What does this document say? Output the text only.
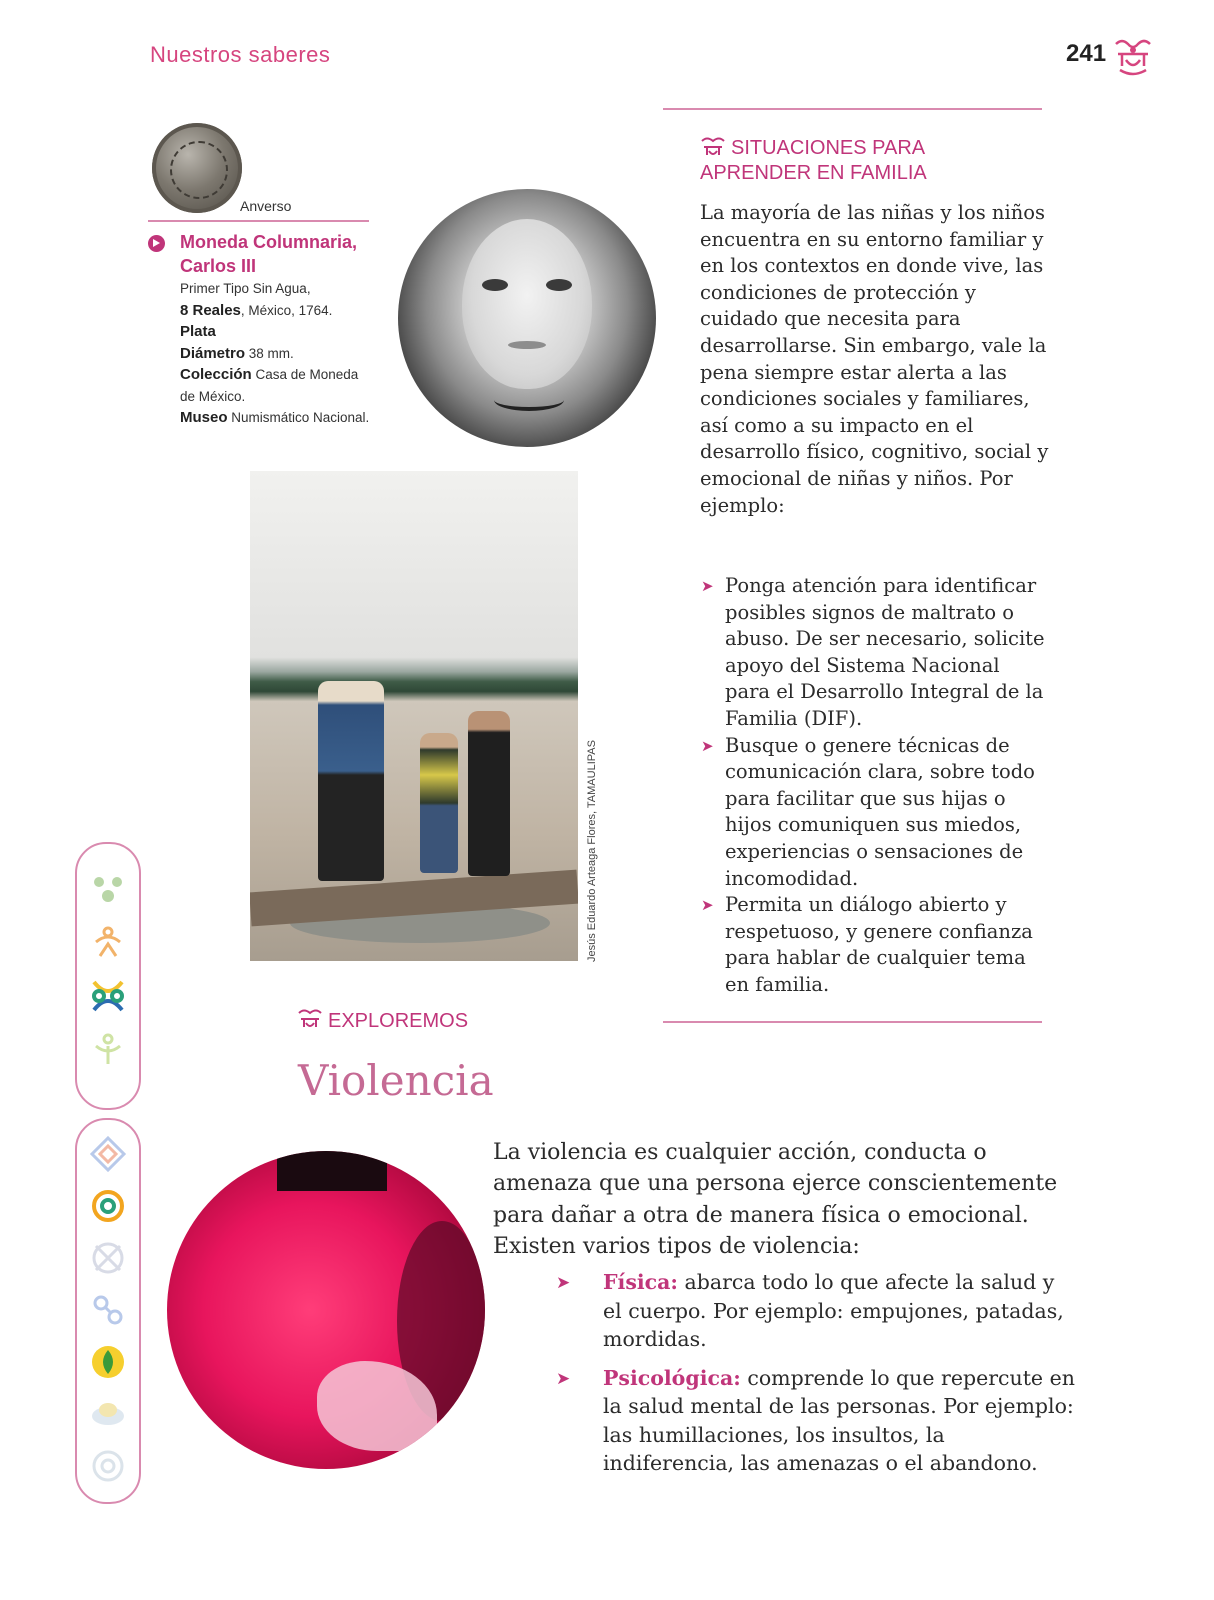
Nuestros saberes	241
Anverso
Moneda Columnaria, Carlos III
Primer Tipo Sin Agua,
8 Reales, México, 1764.
Plata
Diámetro 38 mm.
Colección Casa de Moneda de México.
Museo Numismático Nacional.
Jesús Eduardo Arteaga Flores, TAMAULIPAS
SITUACIONES PARA APRENDER EN FAMILIA
La mayoría de las niñas y los niños encuentra en su entorno familiar y en los contextos en donde vive, las condiciones de protección y cuidado que necesita para desarrollarse. Sin embargo, vale la pena siempre estar alerta a las condiciones sociales y familiares, así como a su impacto en el desarrollo físico, cognitivo, social y emocional de niñas y niños. Por ejemplo:
➤ Ponga atención para identificar posibles signos de maltrato o abuso. De ser necesario, solicite apoyo del Sistema Nacional para el Desarrollo Integral de la Familia (DIF).
➤ Busque o genere técnicas de comunicación clara, sobre todo para facilitar que sus hijas o hijos comuniquen sus miedos, experiencias o sensaciones de incomodidad.
➤ Permita un diálogo abierto y respetuoso, y genere confianza para hablar de cualquier tema en familia.
EXPLOREMOS
Violencia
La violencia es cualquier acción, conducta o amenaza que una persona ejerce conscientemente para dañar a otra de manera física o emocional. Existen varios tipos de violencia:
➤ Física: abarca todo lo que afecte la salud y el cuerpo. Por ejemplo: empujones, patadas, mordidas.
➤ Psicológica: comprende lo que repercute en la salud mental de las personas. Por ejemplo: las humillaciones, los insultos, la indiferencia, las amenazas o el abandono.
